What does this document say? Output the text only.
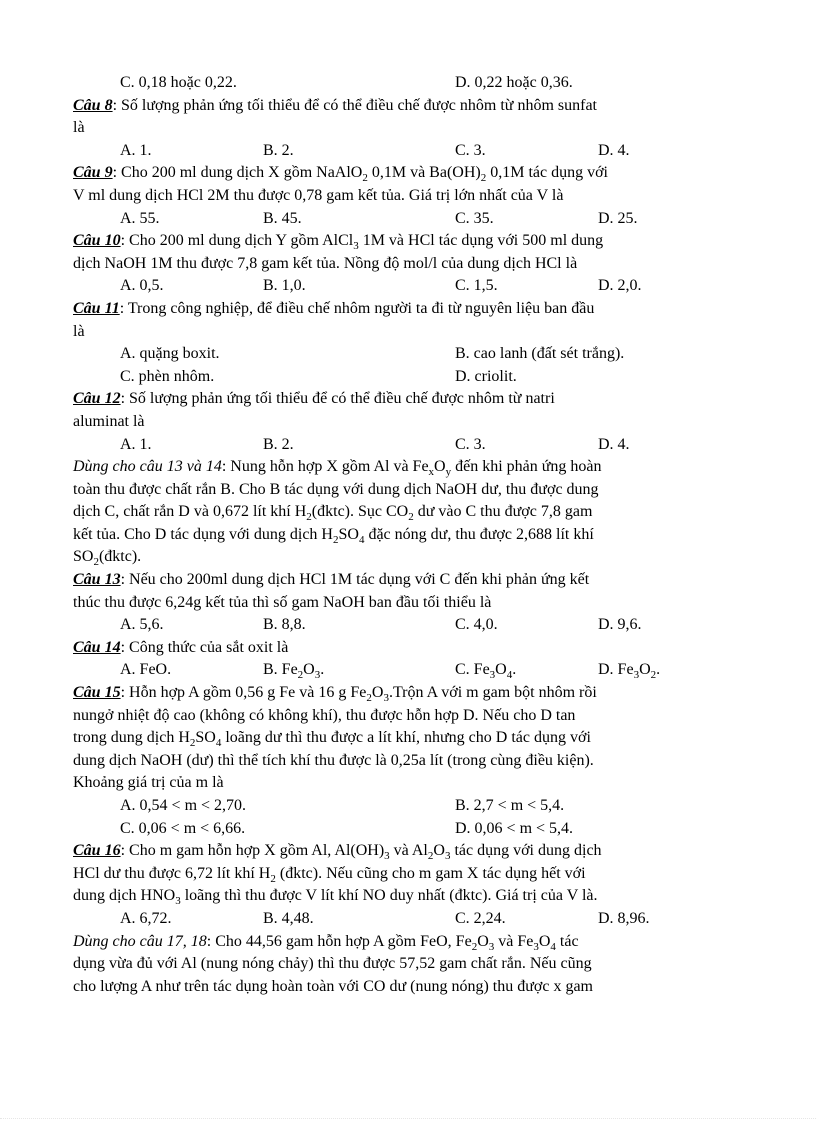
C. 0,18 hoặc 0,22.	D. 0,22 hoặc 0,36.
Câu 8: Số lượng phản ứng tối thiểu để có thể điều chế được nhôm từ nhôm sunfat
là
A. 1.	B. 2.	C. 3.	D. 4.
Câu 9: Cho 200 ml dung dịch X gồm NaAlO$_2$ 0,1M và $Ba(OH)_2$ 0,1M tác dụng với
V ml dung dịch HCl 2M thu được 0,78 gam kết tủa. Giá trị lớn nhất của V là
A. 55.	B. 45.	C. 35.	D. 25.
Câu 10: Cho 200 ml dung dịch Y gồm AlCl$_3$ 1M và HCl tác dụng với 500 ml dung
dịch NaOH 1M thu được 7,8 gam kết tủa. Nồng độ mol/l của dung dịch HCl là
A. 0,5.	B. 1,0.	C. 1,5.	D. 2,0.
Câu 11: Trong công nghiệp, để điều chế nhôm người ta đi từ nguyên liệu ban đầu
là
A. quặng boxit.	B. cao lanh (đất sét trắng).
C. phèn nhôm.	D. criolit.
Câu 12: Số lượng phản ứng tối thiểu để có thể điều chế được nhôm từ natri
aluminat là
A. 1.	B. 2.	C. 3.	D. 4.
Dùng cho câu 13 và 14: Nung hỗn hợp X gồm Al và $Fe_xO_y$ đến khi phản ứng hoàn
toàn thu được chất rắn B. Cho B tác dụng với dung dịch NaOH dư, thu được dung
dịch C, chất rắn D và 0,672 lít khí $H_2(đktc)$. Sục $CO_2$ dư vào C thu được 7,8 gam
kết tủa. Cho D tác dụng với dung dịch $H_2SO_4$ đặc nóng dư, thu được 2,688 lít khí
$SO_2(đktc)$.
Câu 13: Nếu cho 200ml dung dịch HCl 1M tác dụng với C đến khi phản ứng kết
thúc thu được 6,24g kết tủa thì số gam NaOH ban đầu tối thiểu là
A. 5,6.	B. 8,8.	C. 4,0.	D. 9,6.
Câu 14: Công thức của sắt oxit là
A. FeO.	B. $Fe_2O_3$.	C. $Fe_3O_4$.	D. $Fe_3O_2$.
Câu 15: Hỗn hợp A gồm 0,56 g Fe và 16 g $Fe_2O_3.Trộn$ A với m gam bột nhôm rồi
nungở nhiệt độ cao (không có không khí), thu được hỗn hợp D. Nếu cho D tan
trong dung dịch $H_2SO_4$ loãng dư thì thu được a lít khí, nhưng cho D tác dụng với
dung dịch NaOH (dư) thì thể tích khí thu được là 0,25a lít (trong cùng điều kiện).
Khoảng giá trị của m là
A. 0,54 < m < 2,70.	B. 2,7 < m < 5,4.
C. 0,06 < m < 6,66.	D. 0,06 < m < 5,4.
Câu 16: Cho m gam hỗn hợp X gồm Al, $Al(OH)_3$ và $Al_2O_3$ tác dụng với dung dịch
HCl dư thu được 6,72 lít khí $H_2$ (đktc). Nếu cũng cho m gam X tác dụng hết với
dung dịch $HNO_3$ loãng thì thu được V lít khí NO duy nhất (đktc). Giá trị của V là.
A. 6,72.	B. 4,48.	C. 2,24.	D. 8,96.
Dùng cho câu 17, 18: Cho 44,56 gam hỗn hợp A gồm FeO, $Fe_2O_3$ và $Fe_3O_4$ tác
dụng vừa đủ với Al (nung nóng chảy) thì thu được 57,52 gam chất rắn. Nếu cũng
cho lượng A như trên tác dụng hoàn toàn với CO dư (nung nóng) thu được x gam
